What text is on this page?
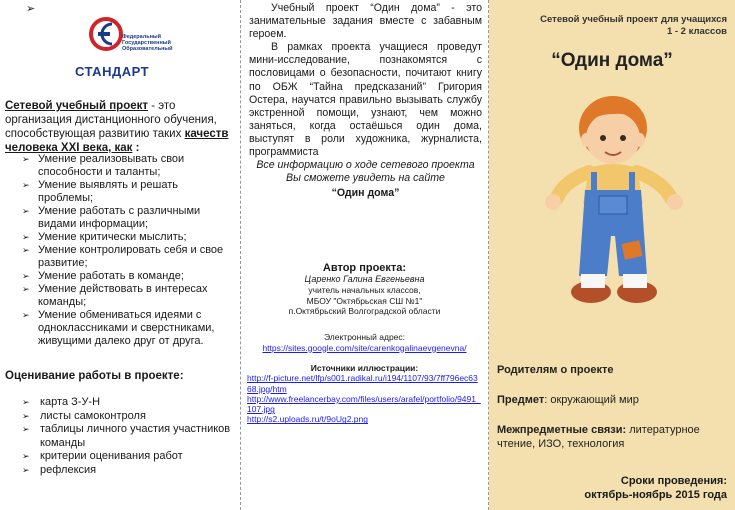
➢
Федеральный
Государственный
Образовательный
СТАНДАРТ
Сетевой учебный проект - это организация дистанционного обучения, способствующая развитию таких качеств человека XXI века, как :
➢ Умение реализовывать свои способности и таланты;
➢ Умение выявлять и решать проблемы;
➢ Умение работать с различными видами информации;
➢ Умение критически мыслить;
➢ Умение контролировать себя и свое развитие;
➢ Умение работать в команде;
➢ Умение действовать в интересах команды;
➢ Умение обмениваться идеями с одноклассниками и сверстниками, живущими далеко друг от друга.
Оценивание работы в проекте:
➢ карта З-У-Н
➢ листы самоконтроля
➢ таблицы личного участия участников команды
➢ критерии оценивания работ
➢ рефлексия

Учебный проект “Один дома” - это занимательные задания вместе с забавным героем.

В рамках проекта учащиеся проведут мини-исследование, познакомятся с пословицами о безопасности, почитают книгу по ОБЖ “Тайна предсказаний” Григория Остера, научатся правильно вызывать службу экстренной помощи, узнают, чем можно заняться, когда остаёшься один дома, выступят в роли художника, журналиста, программиста

Все информацию о ходе сетевого проекта Вы сможете увидеть на сайте

“Один дома”

Автор проекта:
Царенко Галина Евгеньевна
учитель начальных классов,
МБОУ "Октябрьская СШ №1"
п.Октябрьский Волгоградской области
Электронный адрес:
https://sites.google.com/site/carenkogalinaevgenevna/
Источники иллюстрации:
http://f-picture.net/lfp/s001.radikal.ru/i194/1107/93/7ff796ec6368.jpg/htm
http://www.freelancerbay.com/files/users/arafel/portfolio/9491_107.jpg
http://s2.uploads.ru/t/9oUg2.png
Сетевой учебный проект для учащихся
1 - 2 классов
“Один дома”
Родителям о проекте
Предмет: окружающий мир
Межпредметные связи: литературное чтение, ИЗО, технология
Сроки проведения:
октябрь-ноябрь 2015 года
